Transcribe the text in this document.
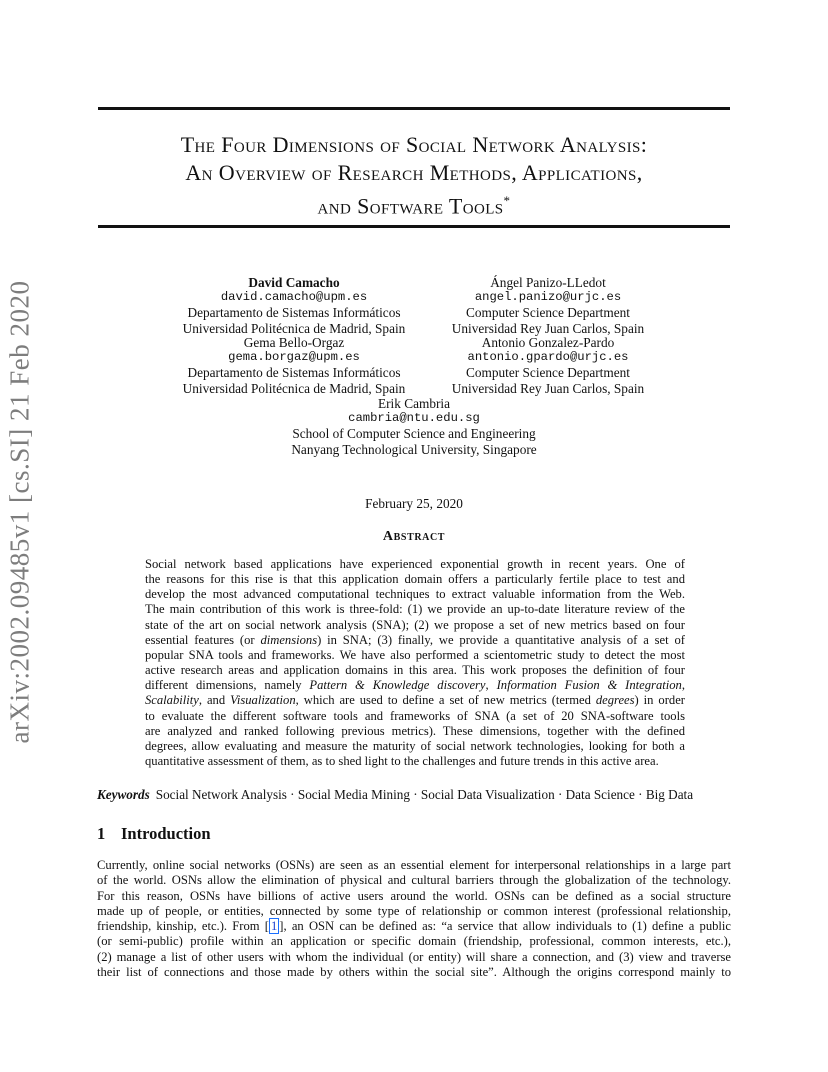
arXiv:2002.09485v1 [cs.SI] 21 Feb 2020
The Four Dimensions of Social Network Analysis:
An Overview of Research Methods, Applications,
and Software Tools*
David Camacho
david.camacho@upm.es
Departamento de Sistemas Informáticos
Universidad Politécnica de Madrid, Spain
Ángel Panizo-LLedot
angel.panizo@urjc.es
Computer Science Department
Universidad Rey Juan Carlos, Spain
Gema Bello-Orgaz
gema.borgaz@upm.es
Departamento de Sistemas Informáticos
Universidad Politécnica de Madrid, Spain
Antonio Gonzalez-Pardo
antonio.gpardo@urjc.es
Computer Science Department
Universidad Rey Juan Carlos, Spain
Erik Cambria
cambria@ntu.edu.sg
School of Computer Science and Engineering
Nanyang Technological University, Singapore
February 25, 2020
Abstract
Social network based applications have experienced exponential growth in recent years. One of
the reasons for this rise is that this application domain offers a particularly fertile place to test and
develop the most advanced computational techniques to extract valuable information from the Web.
The main contribution of this work is three-fold: (1) we provide an up-to-date literature review of the
state of the art on social network analysis (SNA); (2) we propose a set of new metrics based on four
essential features (or dimensions) in SNA; (3) finally, we provide a quantitative analysis of a set of
popular SNA tools and frameworks. We have also performed a scientometric study to detect the most
active research areas and application domains in this area. This work proposes the definition of four
different dimensions, namely Pattern & Knowledge discovery, Information Fusion & Integration,
Scalability, and Visualization, which are used to define a set of new metrics (termed degrees) in order
to evaluate the different software tools and frameworks of SNA (a set of 20 SNA-software tools
are analyzed and ranked following previous metrics). These dimensions, together with the defined
degrees, allow evaluating and measure the maturity of social network technologies, looking for both a
quantitative assessment of them, as to shed light to the challenges and future trends in this active area.
Keywords Social Network Analysis · Social Media Mining · Social Data Visualization · Data Science · Big Data
1 Introduction
Currently, online social networks (OSNs) are seen as an essential element for interpersonal relationships in a large part
of the world. OSNs allow the elimination of physical and cultural barriers through the globalization of the technology.
For this reason, OSNs have billions of active users around the world. OSNs can be defined as a social structure
made up of people, or entities, connected by some type of relationship or common interest (professional relationship,
friendship, kinship, etc.). From [ 1 ], an OSN can be defined as: “a service that allow individuals to (1) define a public
(or semi-public) profile within an application or specific domain (friendship, professional, common interests, etc.),
(2) manage a list of other users with whom the individual (or entity) will share a connection, and (3) view and traverse
their list of connections and those made by others within the social site”. Although the origins correspond mainly to
